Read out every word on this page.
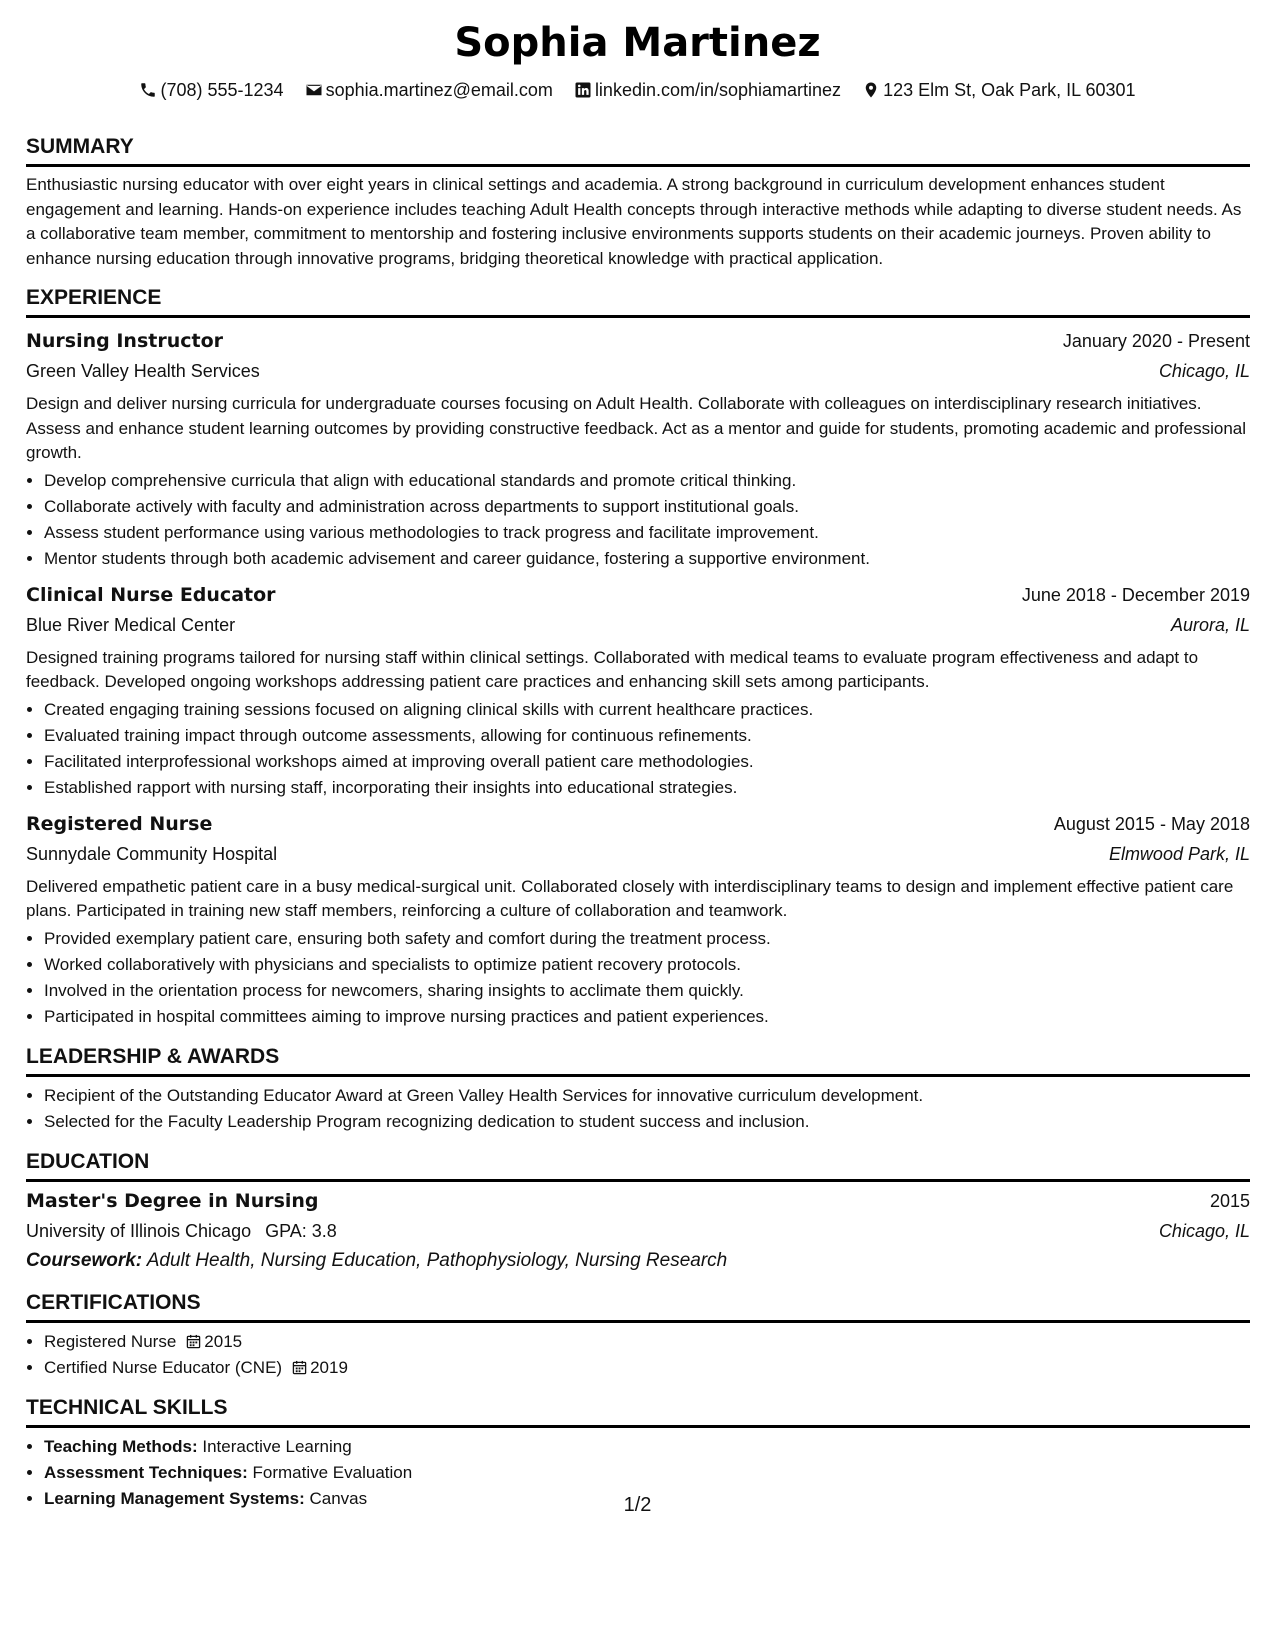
Sophia Martinez
(708) 555-1234 sophia.martinez@email.com linkedin.com/in/sophiamartinez 123 Elm St, Oak Park, IL 60301
SUMMARY
Enthusiastic nursing educator with over eight years in clinical settings and academia. A strong background in curriculum development enhances student engagement and learning. Hands-on experience includes teaching Adult Health concepts through interactive methods while adapting to diverse student needs. As a collaborative team member, commitment to mentorship and fostering inclusive environments supports students on their academic journeys. Proven ability to enhance nursing education through innovative programs, bridging theoretical knowledge with practical application.
EXPERIENCE
Nursing Instructor	January 2020 - Present
Green Valley Health Services	Chicago, IL
Design and deliver nursing curricula for undergraduate courses focusing on Adult Health. Collaborate with colleagues on interdisciplinary research initiatives. Assess and enhance student learning outcomes by providing constructive feedback. Act as a mentor and guide for students, promoting academic and professional growth.
• Develop comprehensive curricula that align with educational standards and promote critical thinking.
• Collaborate actively with faculty and administration across departments to support institutional goals.
• Assess student performance using various methodologies to track progress and facilitate improvement.
• Mentor students through both academic advisement and career guidance, fostering a supportive environment.
Clinical Nurse Educator	June 2018 - December 2019
Blue River Medical Center	Aurora, IL
Designed training programs tailored for nursing staff within clinical settings. Collaborated with medical teams to evaluate program effectiveness and adapt to feedback. Developed ongoing workshops addressing patient care practices and enhancing skill sets among participants.
• Created engaging training sessions focused on aligning clinical skills with current healthcare practices.
• Evaluated training impact through outcome assessments, allowing for continuous refinements.
• Facilitated interprofessional workshops aimed at improving overall patient care methodologies.
• Established rapport with nursing staff, incorporating their insights into educational strategies.
Registered Nurse	August 2015 - May 2018
Sunnydale Community Hospital	Elmwood Park, IL
Delivered empathetic patient care in a busy medical-surgical unit. Collaborated closely with interdisciplinary teams to design and implement effective patient care plans. Participated in training new staff members, reinforcing a culture of collaboration and teamwork.
• Provided exemplary patient care, ensuring both safety and comfort during the treatment process.
• Worked collaboratively with physicians and specialists to optimize patient recovery protocols.
• Involved in the orientation process for newcomers, sharing insights to acclimate them quickly.
• Participated in hospital committees aiming to improve nursing practices and patient experiences.
LEADERSHIP & AWARDS
• Recipient of the Outstanding Educator Award at Green Valley Health Services for innovative curriculum development.
• Selected for the Faculty Leadership Program recognizing dedication to student success and inclusion.
EDUCATION
Master's Degree in Nursing	2015
University of Illinois Chicago GPA: 3.8	Chicago, IL
Coursework: Adult Health, Nursing Education, Pathophysiology, Nursing Research
CERTIFICATIONS
• Registered Nurse 2015
• Certified Nurse Educator (CNE) 2019
TECHNICAL SKILLS
• Teaching Methods: Interactive Learning
• Assessment Techniques: Formative Evaluation
• Learning Management Systems: Canvas	1/2
